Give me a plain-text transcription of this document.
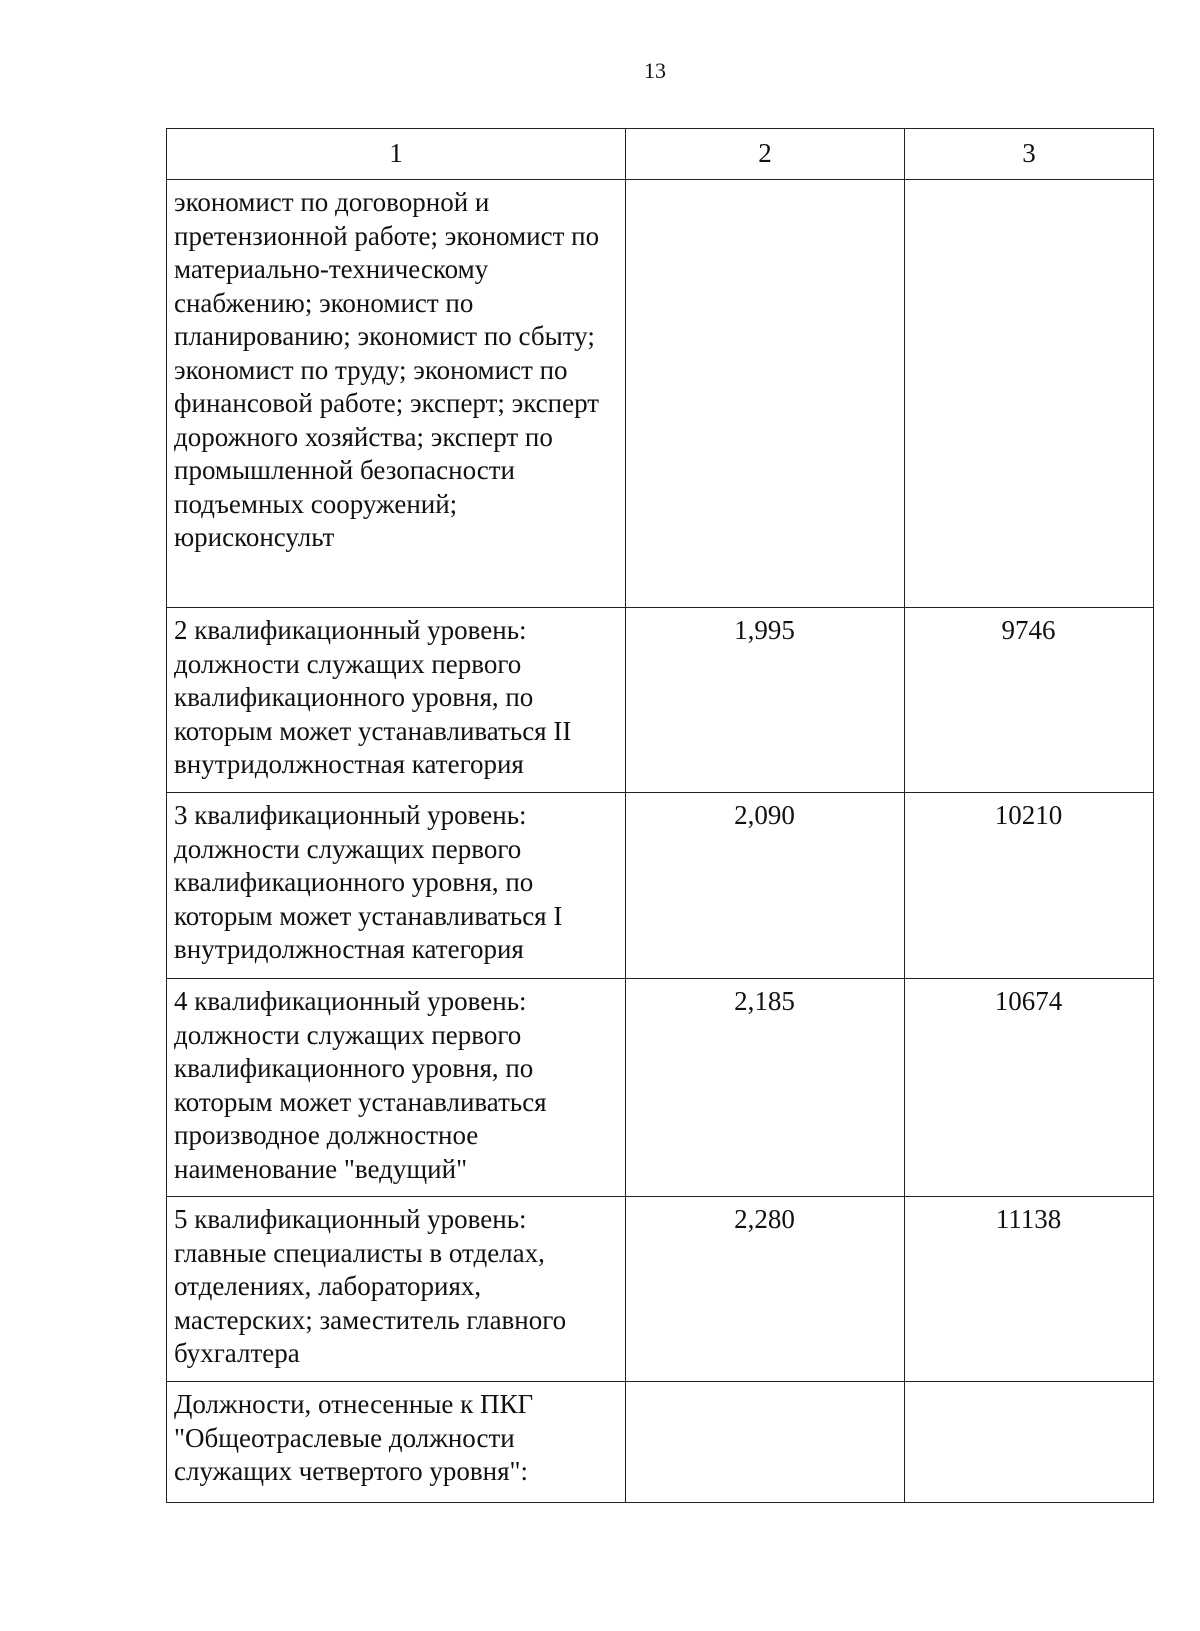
13
1	2	3

экономист по договорной и претензионной работе; экономист по материально-техническому снабжению; экономист по планированию; экономист по сбыту; экономист по труду; экономист по финансовой работе; эксперт; эксперт дорожного хозяйства; эксперт по промышленной безопасности подъемных сооружений; юрисконсульт		

2 квалификационный уровень: должности служащих первого квалификационного уровня, по которым может устанавливаться II внутридолжностная категория	1,995	9746

3 квалификационный уровень: должности служащих первого квалификационного уровня, по которым может устанавливаться I внутридолжностная категория	2,090	10210

4 квалификационный уровень: должности служащих первого квалификационного уровня, по которым может устанавливаться производное должностное наименование "ведущий"	2,185	10674

5 квалификационный уровень: главные специалисты в отделах, отделениях, лабораториях, мастерских; заместитель главного бухгалтера	2,280	11138

Должности, отнесенные к ПКГ "Общеотраслевые должности служащих четвертого уровня":		
